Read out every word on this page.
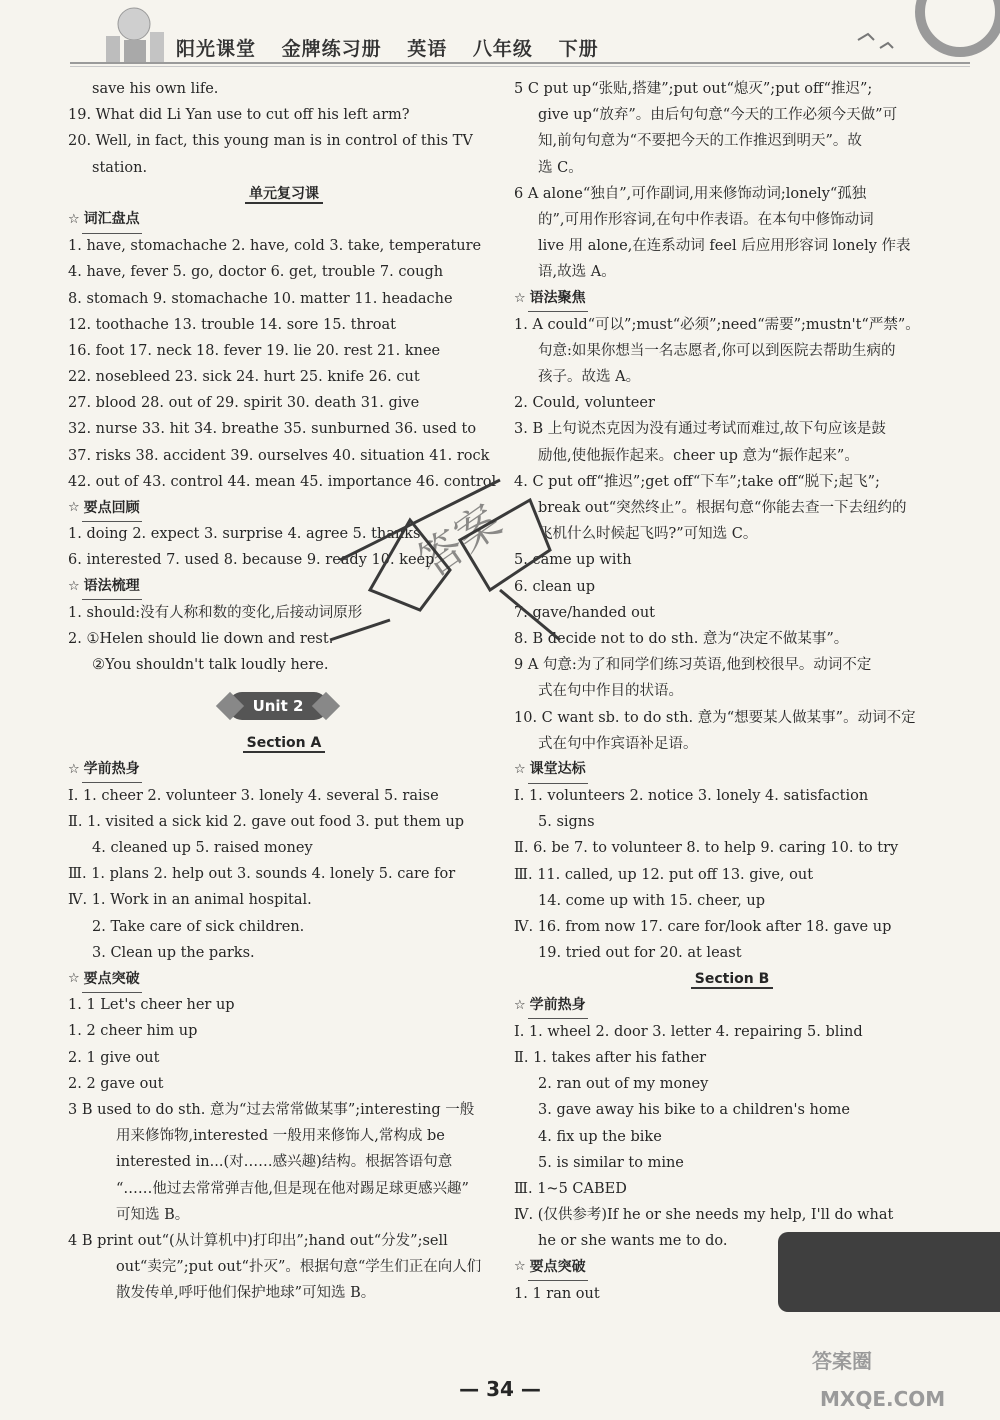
阳光课堂 金牌练习册 英语 八年级 下册
save his own life.
19. What did Li Yan use to cut off his left arm?
20. Well, in fact, this young man is in control of this TV
station.
单元复习课
☆ 词汇盘点
1. have, stomachache 2. have, cold 3. take, temperature
4. have, fever 5. go, doctor 6. get, trouble 7. cough
8. stomach 9. stomachache 10. matter 11. headache
12. toothache 13. trouble 14. sore 15. throat
16. foot 17. neck 18. fever 19. lie 20. rest 21. knee
22. nosebleed 23. sick 24. hurt 25. knife 26. cut
27. blood 28. out of 29. spirit 30. death 31. give
32. nurse 33. hit 34. breathe 35. sunburned 36. used to
37. risks 38. accident 39. ourselves 40. situation 41. rock
42. out of 43. control 44. mean 45. importance 46. control
☆ 要点回顾
1. doing 2. expect 3. surprise 4. agree 5. thanks
6. interested 7. used 8. because 9. ready 10. keep
☆ 语法梳理
1. should:没有人称和数的变化,后接动词原形
2. ①Helen should lie down and rest.
②You shouldn't talk loudly here.
Unit 2
Section A
☆ 学前热身
Ⅰ. 1. cheer 2. volunteer 3. lonely 4. several 5. raise
Ⅱ. 1. visited a sick kid 2. gave out food 3. put them up
4. cleaned up 5. raised money
Ⅲ. 1. plans 2. help out 3. sounds 4. lonely 5. care for
Ⅳ. 1. Work in an animal hospital.
2. Take care of sick children.
3. Clean up the parks.
☆ 要点突破
1. 1 Let's cheer her up
1. 2 cheer him up
2. 1 give out
2. 2 gave out
3 B used to do sth. 意为“过去常常做某事”;interesting 一般
用来修饰物,interested 一般用来修饰人,常构成 be
interested in...(对……感兴趣)结构。根据答语句意
“……他过去常常弹吉他,但是现在他对踢足球更感兴趣”
可知选 B。
4 B print out“(从计算机中)打印出”;hand out“分发”;sell
out“卖完”;put out“扑灭”。根据句意“学生们正在向人们
散发传单,呼吁他们保护地球”可知选 B。
5 C put up“张贴,搭建”;put out“熄灭”;put off“推迟”;
give up“放弃”。由后句句意“今天的工作必须今天做”可
知,前句句意为“不要把今天的工作推迟到明天”。故
选 C。
6 A alone“独自”,可作副词,用来修饰动词;lonely“孤独
的”,可用作形容词,在句中作表语。在本句中修饰动词
live 用 alone,在连系动词 feel 后应用形容词 lonely 作表
语,故选 A。
☆ 语法聚焦
1. A could“可以”;must“必须”;need“需要”;mustn't“严禁”。
句意:如果你想当一名志愿者,你可以到医院去帮助生病的
孩子。故选 A。
2. Could, volunteer
3. B 上句说杰克因为没有通过考试而难过,故下句应该是鼓
励他,使他振作起来。cheer up 意为“振作起来”。
4. C put off“推迟”;get off“下车”;take off“脱下;起飞”;
break out“突然终止”。根据句意“你能去查一下去纽约的
飞机什么时候起飞吗?”可知选 C。
5. came up with
6. clean up
7. gave/handed out
8. B decide not to do sth. 意为“决定不做某事”。
9 A 句意:为了和同学们练习英语,他到校很早。动词不定
式在句中作目的状语。
10. C want sb. to do sth. 意为“想要某人做某事”。动词不定
式在句中作宾语补足语。
☆ 课堂达标
Ⅰ. 1. volunteers 2. notice 3. lonely 4. satisfaction
5. signs
Ⅱ. 6. be 7. to volunteer 8. to help 9. caring 10. to try
Ⅲ. 11. called, up 12. put off 13. give, out
14. come up with 15. cheer, up
Ⅳ. 16. from now 17. care for/look after 18. gave up
19. tried out for 20. at least
Section B
☆ 学前热身
Ⅰ. 1. wheel 2. door 3. letter 4. repairing 5. blind
Ⅱ. 1. takes after his father
2. ran out of my money
3. gave away his bike to a children's home
4. fix up the bike
5. is similar to mine
Ⅲ. 1~5 CABED
Ⅳ. (仅供参考)If he or she needs my help, I'll do what
he or she wants me to do.
☆ 要点突破
1. 1 ran out
答案
答案圈
MXQE.COM
— 34 —
